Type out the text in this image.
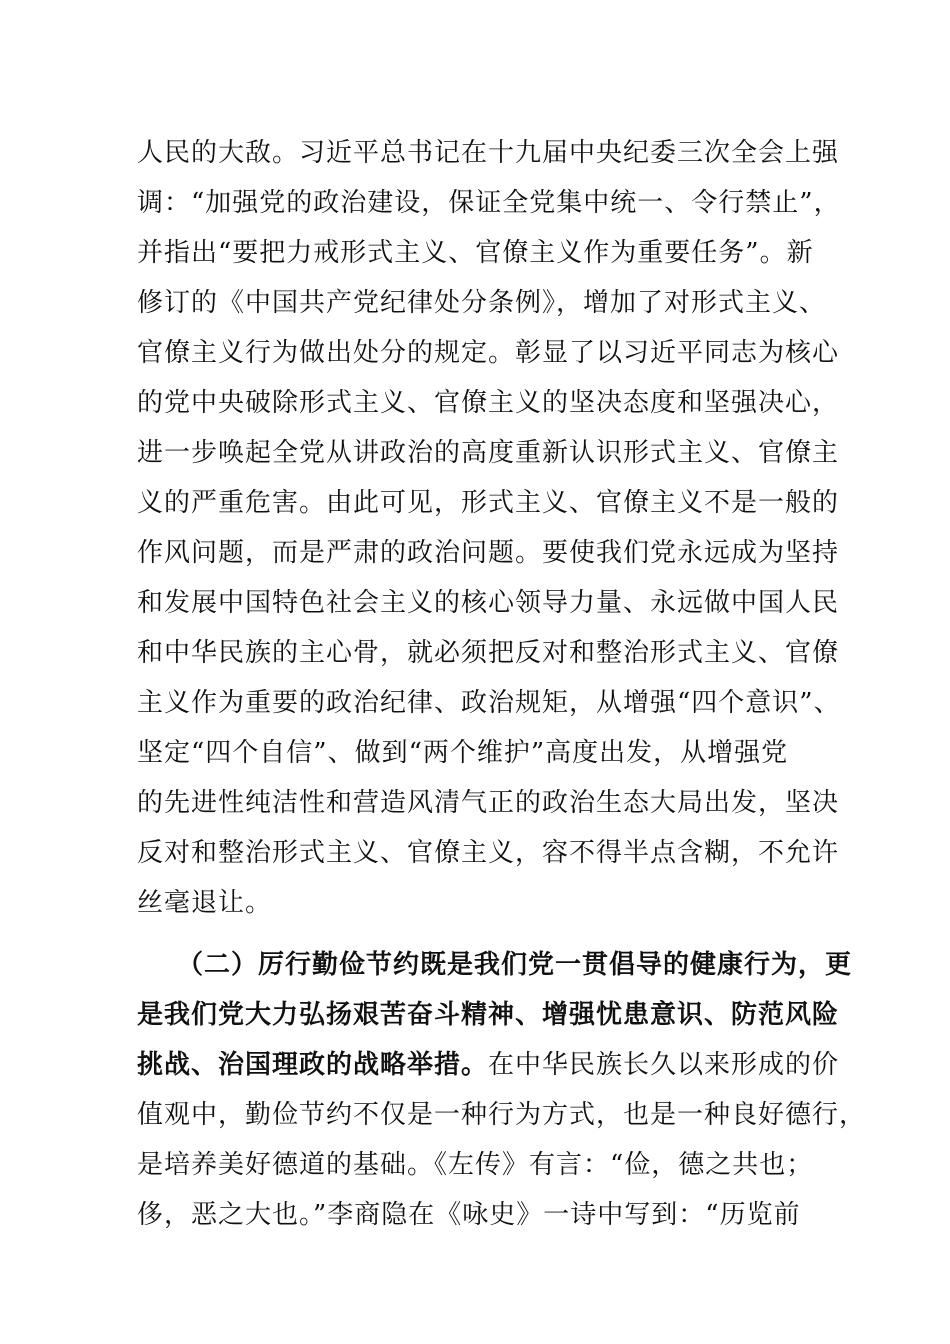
人民的大敌。习近平总书记在十九届中央纪委三次全会上强
调：“加强党的政治建设，保证全党集中统一、令行禁止”，
并指出“要把力戒形式主义、官僚主义作为重要任务”。新
修订的《中国共产党纪律处分条例》，增加了对形式主义、
官僚主义行为做出处分的规定。彰显了以习近平同志为核心
的党中央破除形式主义、官僚主义的坚决态度和坚强决心，
进一步唤起全党从讲政治的高度重新认识形式主义、官僚主
义的严重危害。由此可见，形式主义、官僚主义不是一般的
作风问题，而是严肃的政治问题。要使我们党永远成为坚持
和发展中国特色社会主义的核心领导力量、永远做中国人民
和中华民族的主心骨，就必须把反对和整治形式主义、官僚
主义作为重要的政治纪律、政治规矩，从增强“四个意识”、
坚定“四个自信”、做到“两个维护”高度出发，从增强党
的先进性纯洁性和营造风清气正的政治生态大局出发，坚决
反对和整治形式主义、官僚主义，容不得半点含糊，不允许
丝毫退让。
（二）厉行勤俭节约既是我们党一贯倡导的健康行为，更
是我们党大力弘扬艰苦奋斗精神、增强忧患意识、防范风险
挑战、治国理政的战略举措。在中华民族长久以来形成的价
值观中，勤俭节约不仅是一种行为方式，也是一种良好德行，
是培养美好德道的基础。《左传》有言：“俭，德之共也；
侈，恶之大也。”李商隐在《咏史》一诗中写到：“历览前
